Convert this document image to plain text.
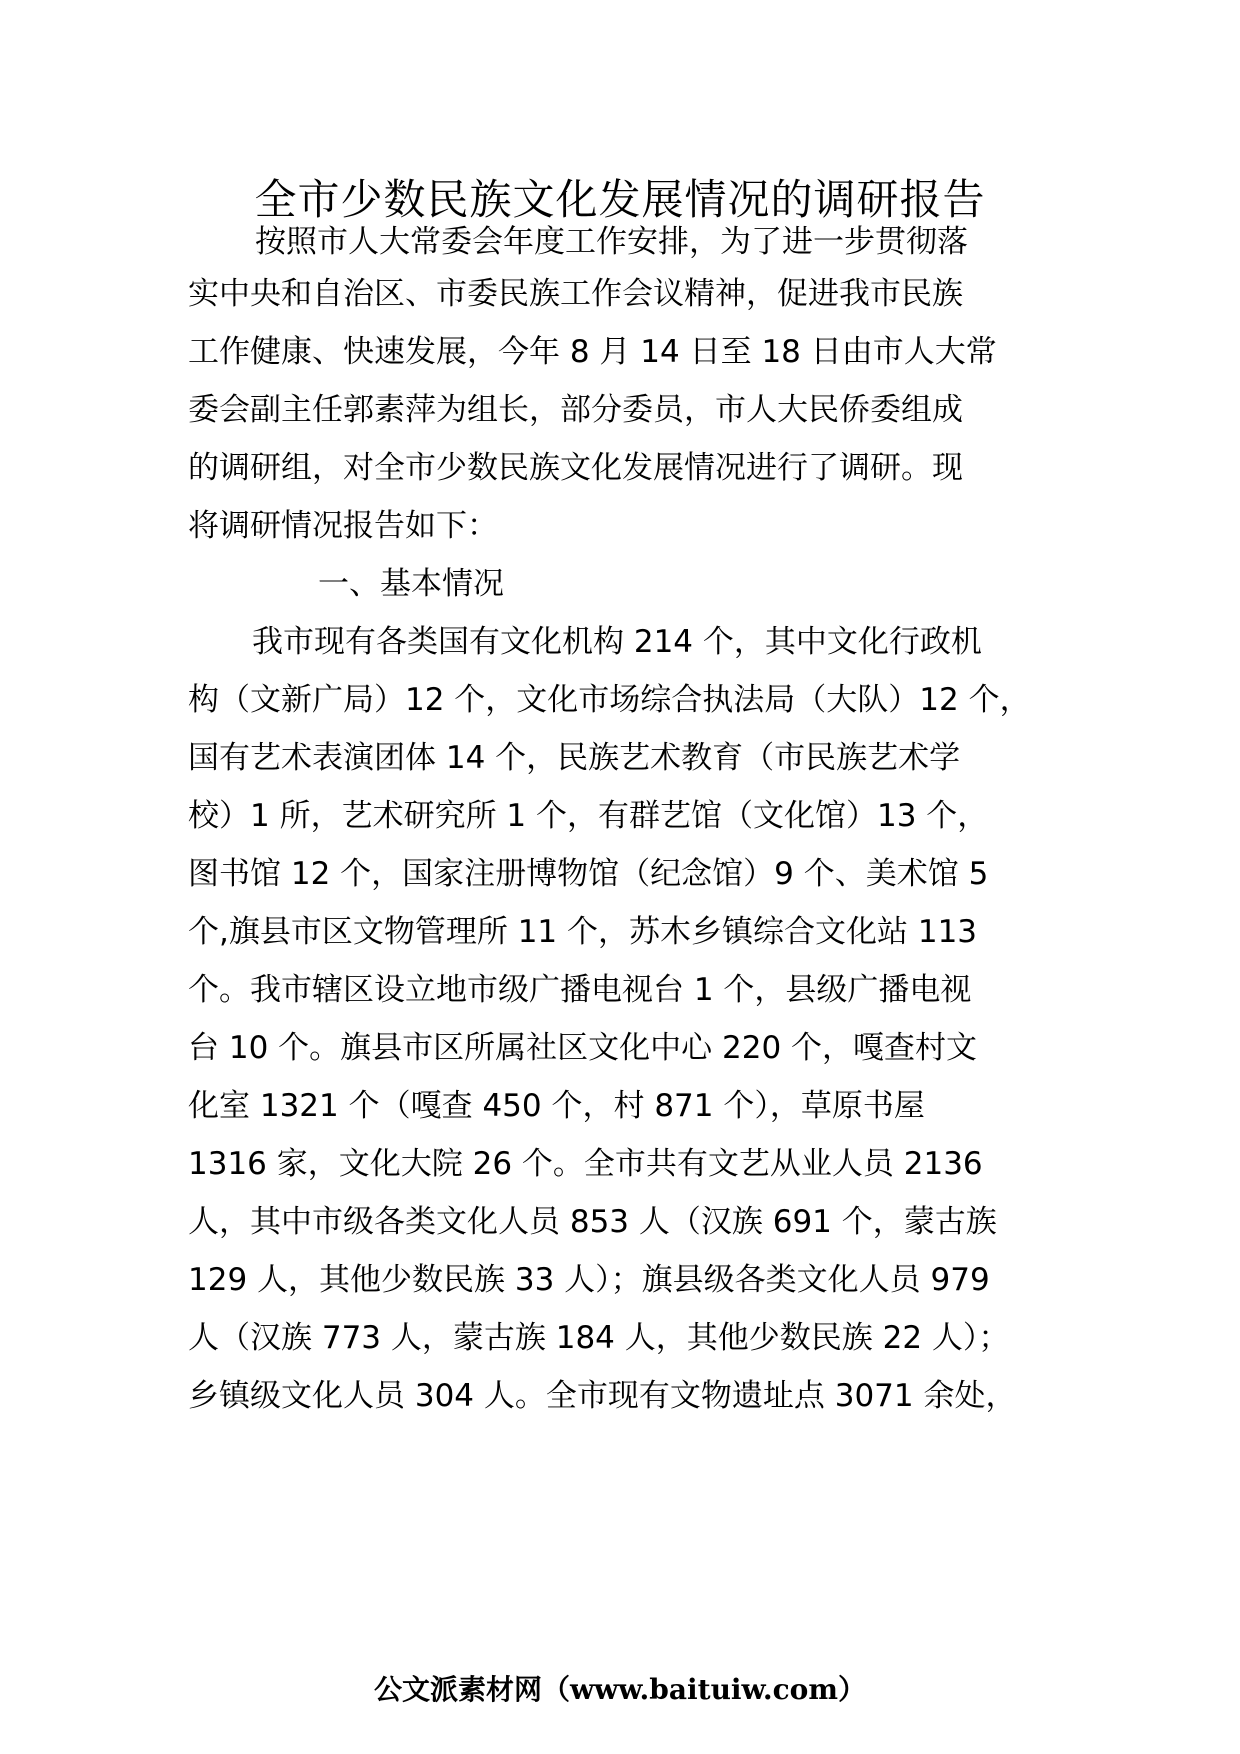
全市少数民族文化发展情况的调研报告
按照市人大常委会年度工作安排，为了进一步贯彻落
实中央和自治区、市委民族工作会议精神，促进我市民族
工作健康、快速发展，今年 8 月 14 日至 18 日由市人大常
委会副主任郭素萍为组长，部分委员，市人大民侨委组成
的调研组，对全市少数民族文化发展情况进行了调研。现
将调研情况报告如下：
一、基本情况
我市现有各类国有文化机构 214 个，其中文化行政机
构（文新广局）12 个，文化市场综合执法局（大队）12 个，
国有艺术表演团体 14 个，民族艺术教育（市民族艺术学
校）1 所，艺术研究所 1 个，有群艺馆（文化馆）13 个，
图书馆 12 个，国家注册博物馆（纪念馆）9 个、美术馆 5
个,旗县市区文物管理所 11 个，苏木乡镇综合文化站 113
个。我市辖区设立地市级广播电视台 1 个，县级广播电视
台 10 个。旗县市区所属社区文化中心 220 个，嘎查村文
化室 1321 个（嘎查 450 个，村 871 个），草原书屋
1316 家，文化大院 26 个。全市共有文艺从业人员 2136
人，其中市级各类文化人员 853 人（汉族 691 个，蒙古族
129 人，其他少数民族 33 人）；旗县级各类文化人员 979
人（汉族 773 人，蒙古族 184 人，其他少数民族 22 人）；
乡镇级文化人员 304 人。全市现有文物遗址点 3071 余处，
公文派素材网（www.baituiw.com）
